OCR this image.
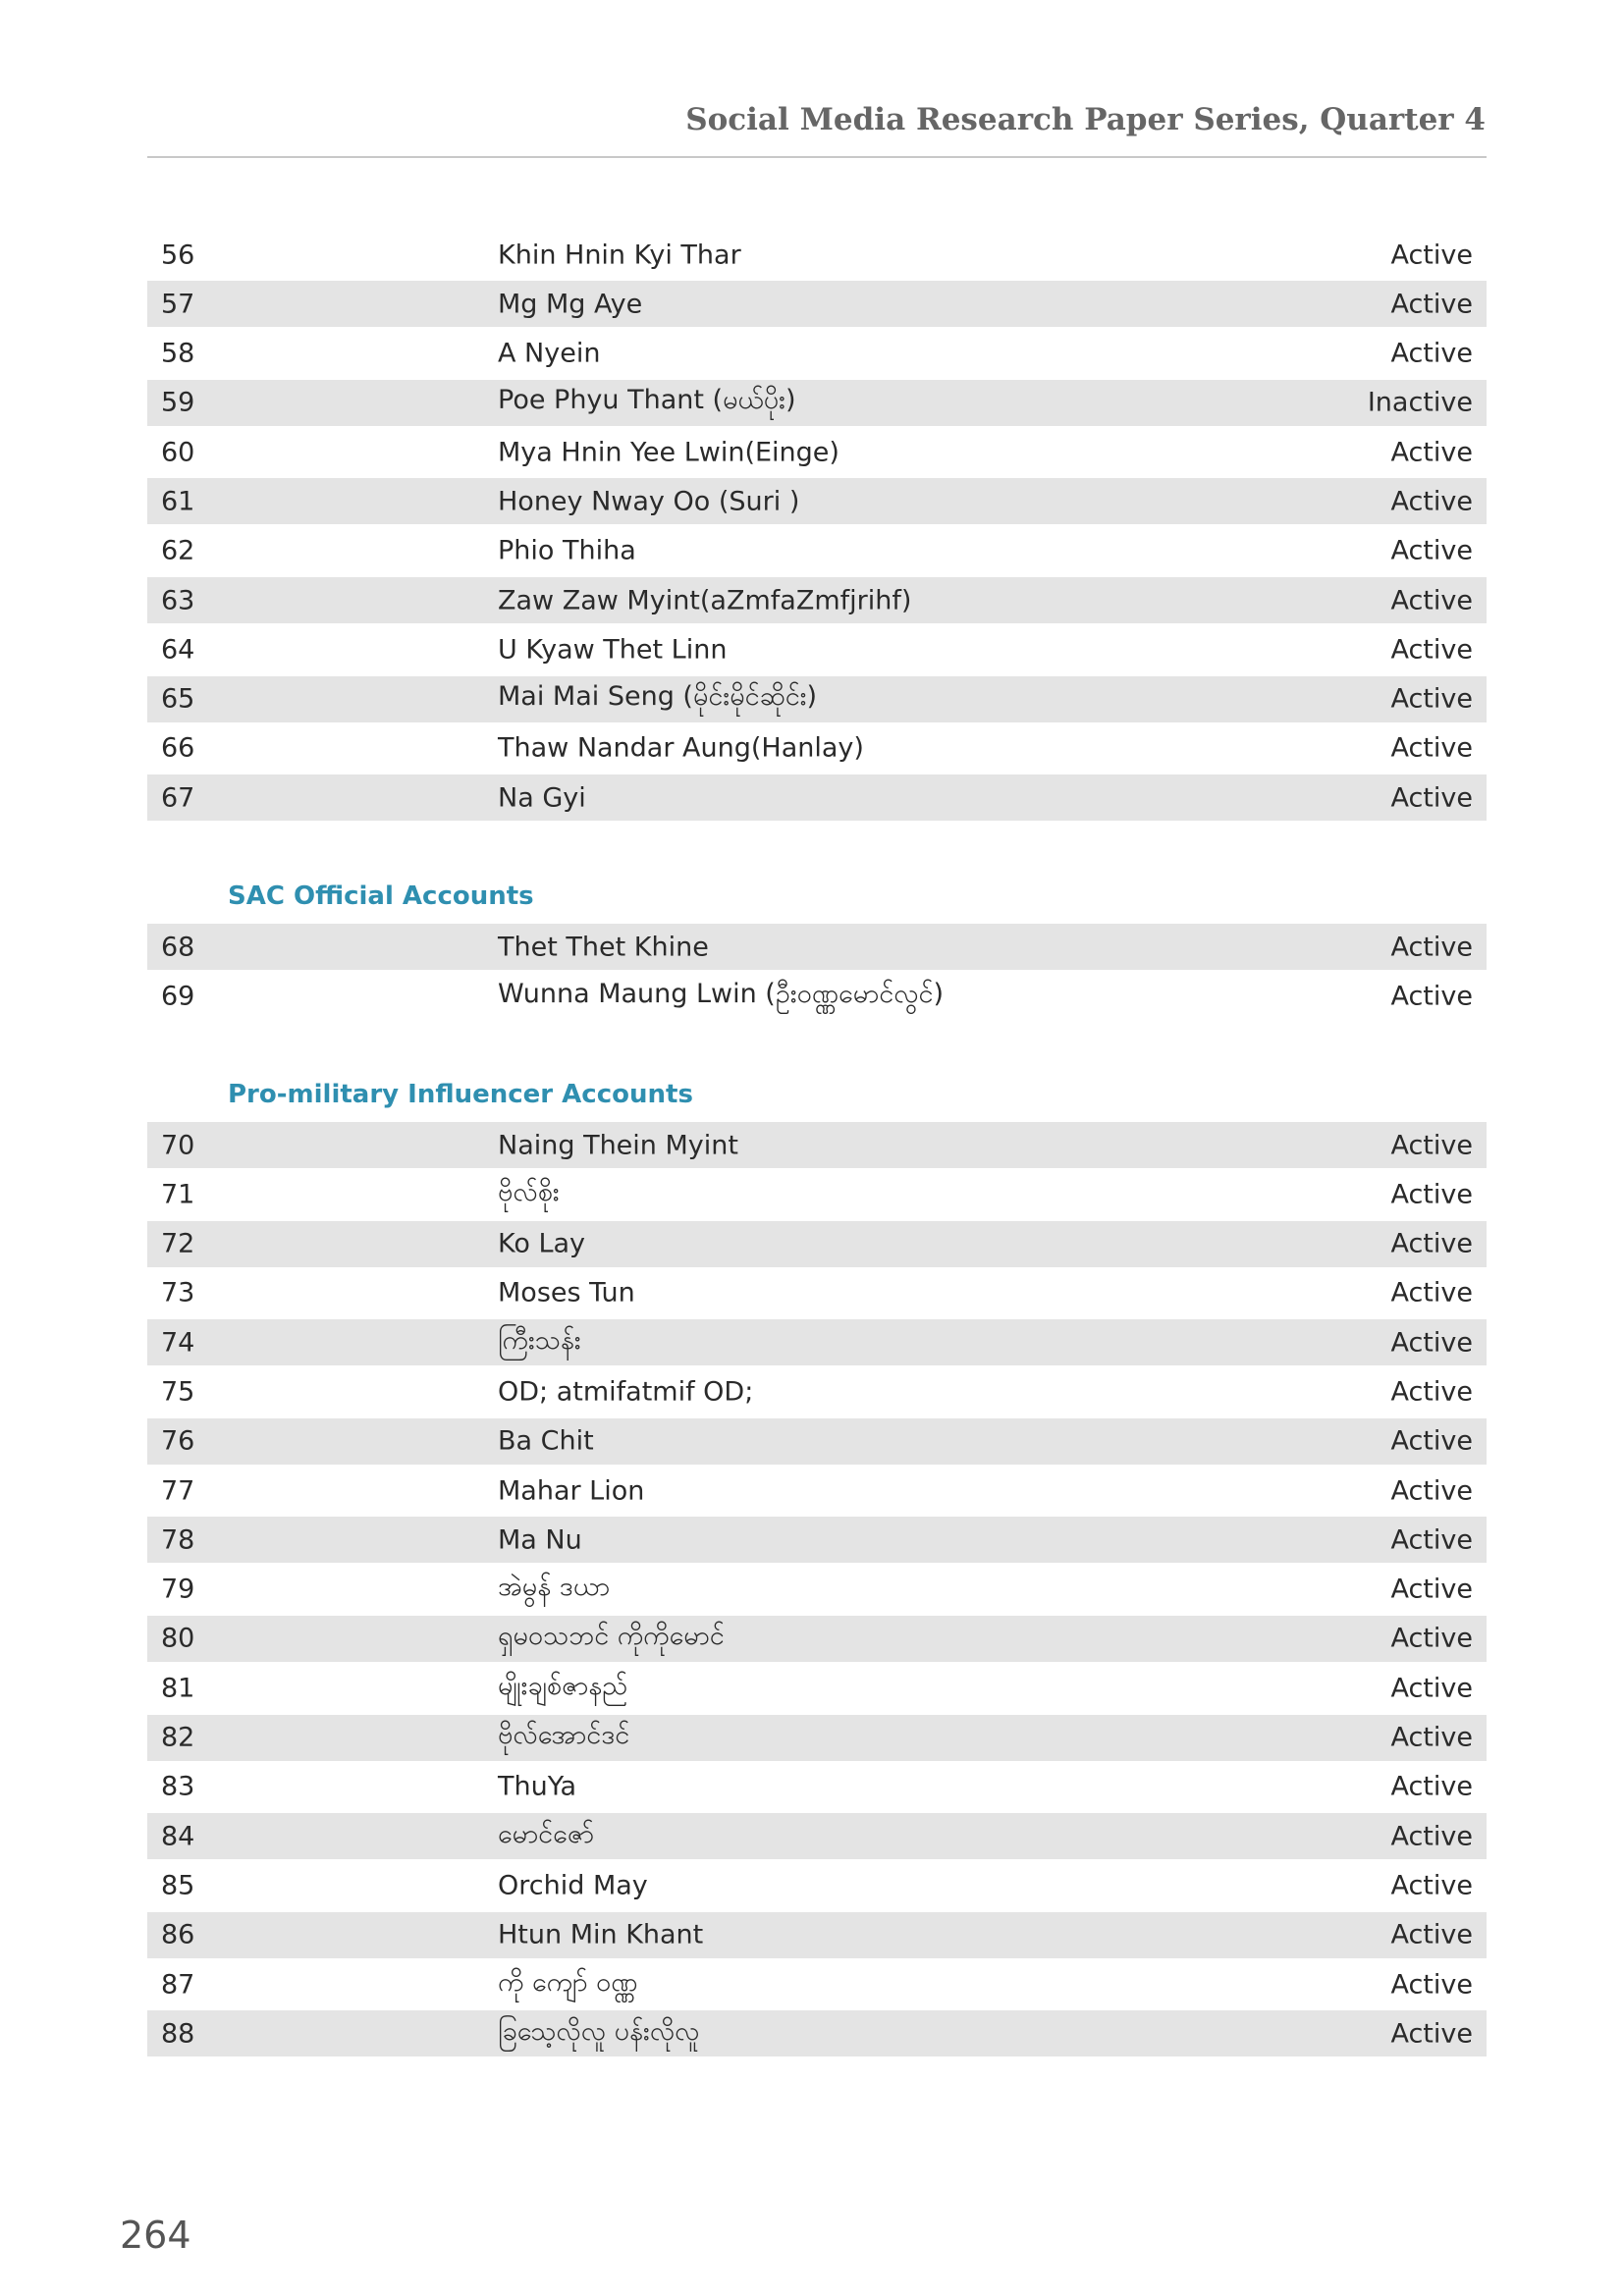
Social Media Research Paper Series, Quarter 4
56	Khin Hnin Kyi Thar	Active
57	Mg Mg Aye	Active
58	A Nyein	Active
59	Poe Phyu Thant (မယ်ပိုး)	Inactive
60	Mya Hnin Yee Lwin(Einge)	Active
61	Honey Nway Oo (Suri )	Active
62	Phio Thiha	Active
63	Zaw Zaw Myint(aZmfaZmfjrihf)	Active
64	U Kyaw Thet Linn	Active
65	Mai Mai Seng (မိုင်းမိုင်ဆိုင်း)	Active
66	Thaw Nandar Aung(Hanlay)	Active
67	Na Gyi	Active
SAC Official Accounts
68	Thet Thet Khine	Active
69	Wunna Maung Lwin (ဦးဝဏ္ဏမောင်လွင်)	Active
Pro-military Influencer Accounts
70	Naing Thein Myint	Active
71	ဗိုလ်စိုး	Active
72	Ko Lay	Active
73	Moses Tun	Active
74	ကြီးသန်း	Active
75	OD; atmifatmif OD;	Active
76	Ba Chit	Active
77	Mahar Lion	Active
78	Ma Nu	Active
79	အဲမွန် ဒယာ	Active
80	ရှမဝသဘင် ကိုကိုမောင်	Active
81	မျိုးချစ်ဇာနည်	Active
82	ဗိုလ်အောင်ဒင်	Active
83	ThuYa	Active
84	မောင်ဇော်	Active
85	Orchid May	Active
86	Htun Min Khant	Active
87	ကို ကျော် ဝဏ္ဏ	Active
88	ခြသေ့လိုလူ ပန်းလိုလူ	Active
264
